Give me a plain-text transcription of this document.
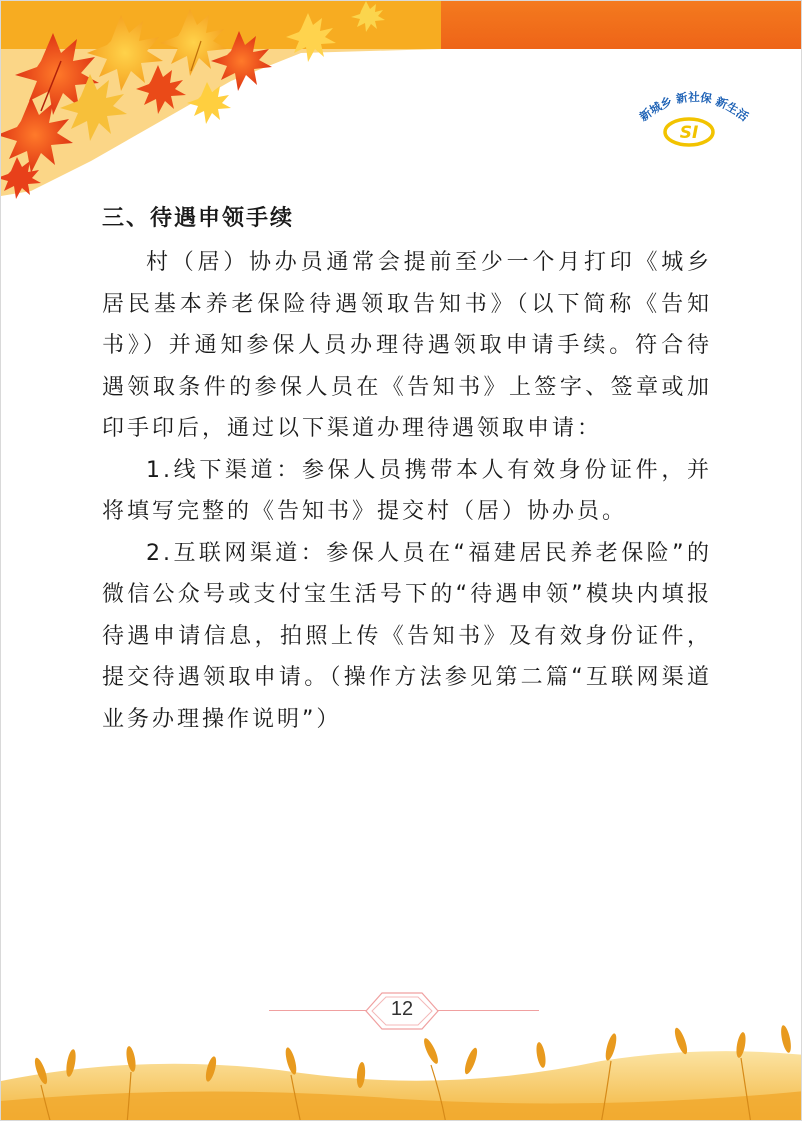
新城乡 新社保 新生活
SI
三、待遇申领手续

村（居）协办员通常会提前至少一个月打印《城乡居民基本养老保险待遇领取告知书》（以下简称《告知书》）并通知参保人员办理待遇领取申请手续。符合待遇领取条件的参保人员在《告知书》上签字、签章或加印手印后，通过以下渠道办理待遇领取申请：

1.线下渠道：参保人员携带本人有效身份证件，并将填写完整的《告知书》提交村（居）协办员。

2.互联网渠道：参保人员在“福建居民养老保险”的微信公众号或支付宝生活号下的“待遇申领”模块内填报待遇申请信息，拍照上传《告知书》及有效身份证件，提交待遇领取申请。（操作方法参见第二篇“互联网渠道业务办理操作说明”）

12
